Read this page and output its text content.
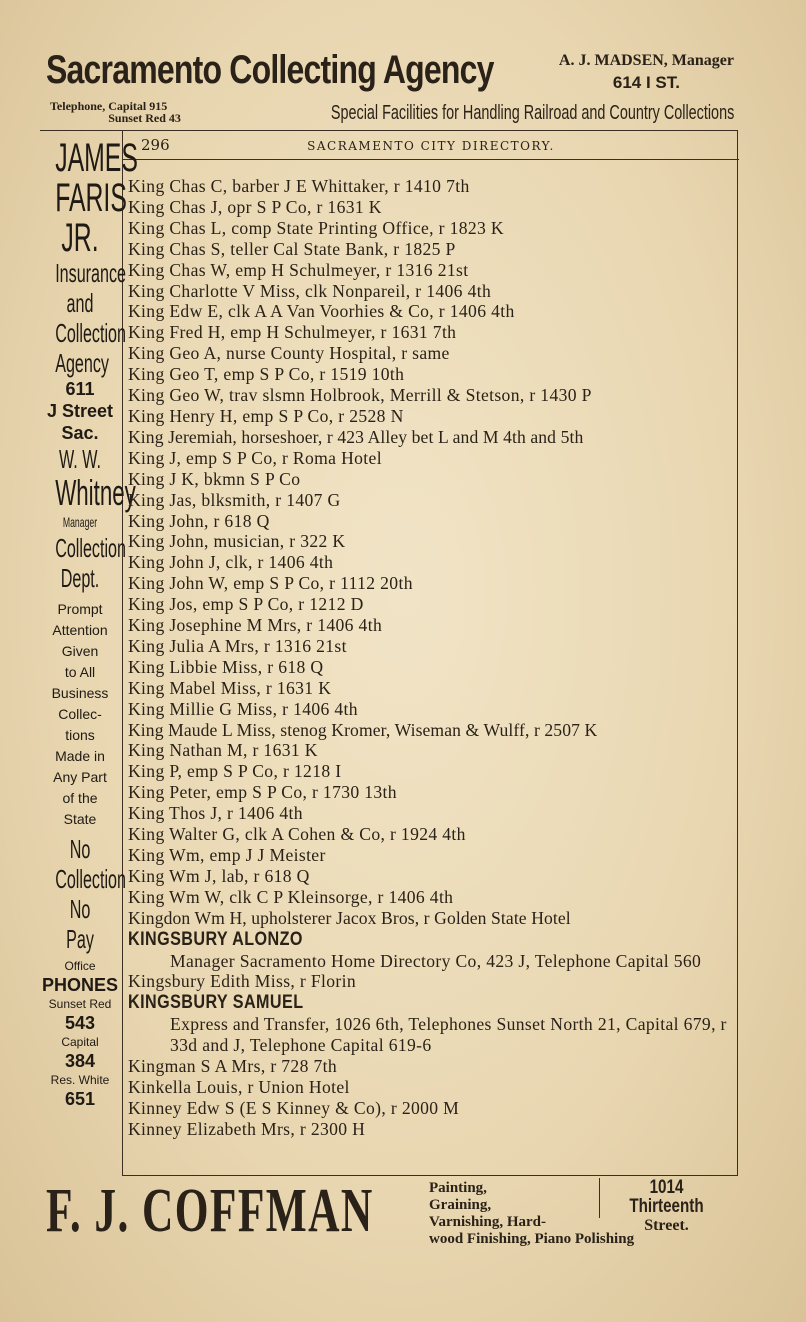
Sacramento Collecting Agency	A. J. MADSEN, Manager
614 I ST.
Telephone, Capital 915
Sunset Red 43	Special Facilities for Handling Railroad and Country Collections
296	SACRAMENTO CITY DIRECTORY.
JAMES
FARIS
JR.
Insurance
and
Collection
Agency
611
J Street
Sac.
W. W.
Whitney
Manager
Collection
Dept.
Prompt
Attention
Given
to All
Business
Collec-
tions
Made in
Any Part
of the
State
No
Collection
No
Pay
Office
PHONES
Sunset Red
543
Capital
384
Res. White
651
King Chas C, barber J E Whittaker, r 1410 7th
King Chas J, opr S P Co, r 1631 K
King Chas L, comp State Printing Office, r 1823 K
King Chas S, teller Cal State Bank, r 1825 P
King Chas W, emp H Schulmeyer, r 1316 21st
King Charlotte V Miss, clk Nonpareil, r 1406 4th
King Edw E, clk A A Van Voorhies & Co, r 1406 4th
King Fred H, emp H Schulmeyer, r 1631 7th
King Geo A, nurse County Hospital, r same
King Geo T, emp S P Co, r 1519 10th
King Geo W, trav slsmn Holbrook, Merrill & Stetson, r 1430 P
King Henry H, emp S P Co, r 2528 N
King Jeremiah, horseshoer, r 423 Alley bet L and M 4th and 5th
King J, emp S P Co, r Roma Hotel
King J K, bkmn S P Co
King Jas, blksmith, r 1407 G
King John, r 618 Q
King John, musician, r 322 K
King John J, clk, r 1406 4th
King John W, emp S P Co, r 1112 20th
King Jos, emp S P Co, r 1212 D
King Josephine M Mrs, r 1406 4th
King Julia A Mrs, r 1316 21st
King Libbie Miss, r 618 Q
King Mabel Miss, r 1631 K
King Millie G Miss, r 1406 4th
King Maude L Miss, stenog Kromer, Wiseman & Wulff, r 2507 K
King Nathan M, r 1631 K
King P, emp S P Co, r 1218 I
King Peter, emp S P Co, r 1730 13th
King Thos J, r 1406 4th
King Walter G, clk A Cohen & Co, r 1924 4th
King Wm, emp J J Meister
King Wm J, lab, r 618 Q
King Wm W, clk C P Kleinsorge, r 1406 4th
Kingdon Wm H, upholsterer Jacox Bros, r Golden State Hotel
KINGSBURY ALONZO
Manager Sacramento Home Directory Co, 423 J, Telephone Capital 560
Kingsbury Edith Miss, r Florin
KINGSBURY SAMUEL
Express and Transfer, 1026 6th, Telephones Sunset North 21, Capital 679, r 33d and J, Telephone Capital 619-6
Kingman S A Mrs, r 728 7th
Kinkella Louis, r Union Hotel
Kinney Edw S (E S Kinney & Co), r 2000 M
Kinney Elizabeth Mrs, r 2300 H
F. J. COFFMAN	Painting,
Graining,
Varnishing, Hard-
wood Finishing, Piano Polishing
1014 Thirteenth
Street.
